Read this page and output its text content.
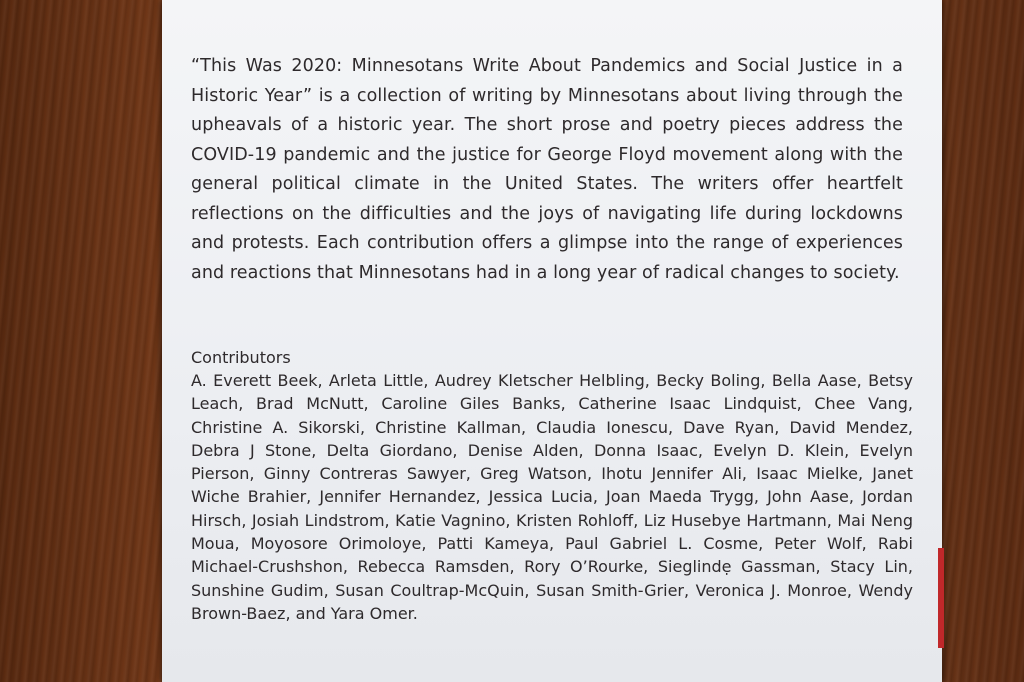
“This Was 2020: Minnesotans Write About Pandemics and Social Justice in a Historic Year” is a collection of writing by Minnesotans about living through the upheavals of a historic year. The short prose and poetry pieces address the COVID-19 pandemic and the justice for George Floyd movement along with the general political climate in the United States. The writers offer heartfelt reflections on the difficulties and the joys of navigating life during lockdowns and protests. Each contribution offers a glimpse into the range of experiences and reactions that Minnesotans had in a long year of radical changes to society.

Contributors

A. Everett Beek, Arleta Little, Audrey Kletscher Helbling, Becky Boling, Bella Aase, Betsy Leach, Brad McNutt, Caroline Giles Banks, Catherine Isaac Lindquist, Chee Vang, Christine A. Sikorski, Christine Kallman, Claudia Ionescu, Dave Ryan, David Mendez, Debra J Stone, Delta Giordano, Denise Alden, Donna Isaac, Evelyn D. Klein, Evelyn Pierson, Ginny Contreras Sawyer, Greg Watson, Ihotu Jennifer Ali, Isaac Mielke, Janet Wiche Brahier, Jennifer Hernandez, Jessica Lucia, Joan Maeda Trygg, John Aase, Jordan Hirsch, Josiah Lindstrom, Katie Vagnino, Kristen Rohloff, Liz Husebye Hartmann, Mai Neng Moua, Moyosore Orimoloye, Patti Kameya, Paul Gabriel L. Cosme, Peter Wolf, Rabi Michael-Crushshon, Rebecca Ramsden, Rory O’Rourke, Sieglindẹ Gassman, Stacy Lin, Sunshine Gudim, Susan Coultrap-McQuin, Susan Smith-Grier, Veronica J. Monroe, Wendy Brown-Baez, and Yara Omer.
